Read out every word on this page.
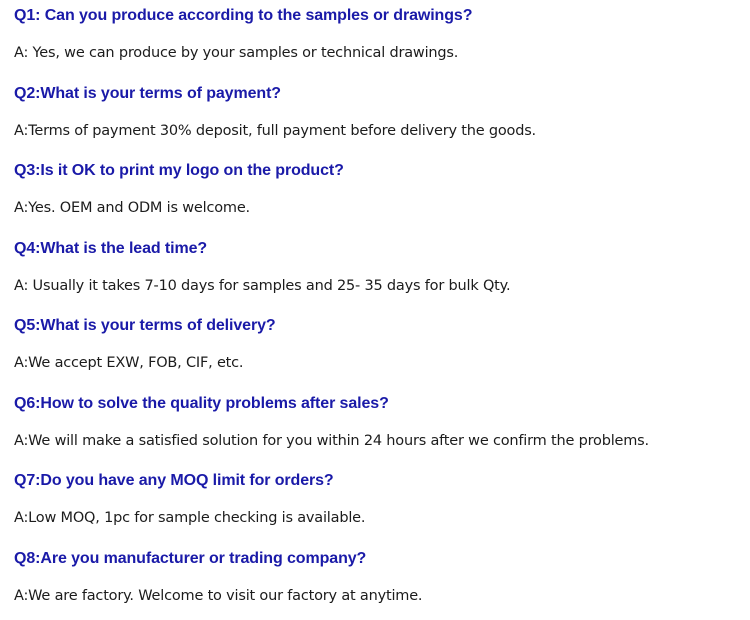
Q1: Can you produce according to the samples or drawings?
A: Yes, we can produce by your samples or technical drawings.
Q2:What is your terms of payment?
A:Terms of payment 30% deposit, full payment before delivery the goods.
Q3:Is it OK to print my logo on the product?
A:Yes. OEM and ODM is welcome.
Q4:What is the lead time?
A: Usually it takes 7-10 days for samples and 25- 35 days for bulk Qty.
Q5:What is your terms of delivery?
A:We accept EXW, FOB, CIF, etc.
Q6:How to solve the quality problems after sales?
A:We will make a satisfied solution for you within 24 hours after we confirm the problems.
Q7:Do you have any MOQ limit for orders?
A:Low MOQ, 1pc for sample checking is available.
Q8:Are you manufacturer or trading company?
A:We are factory. Welcome to visit our factory at anytime.
